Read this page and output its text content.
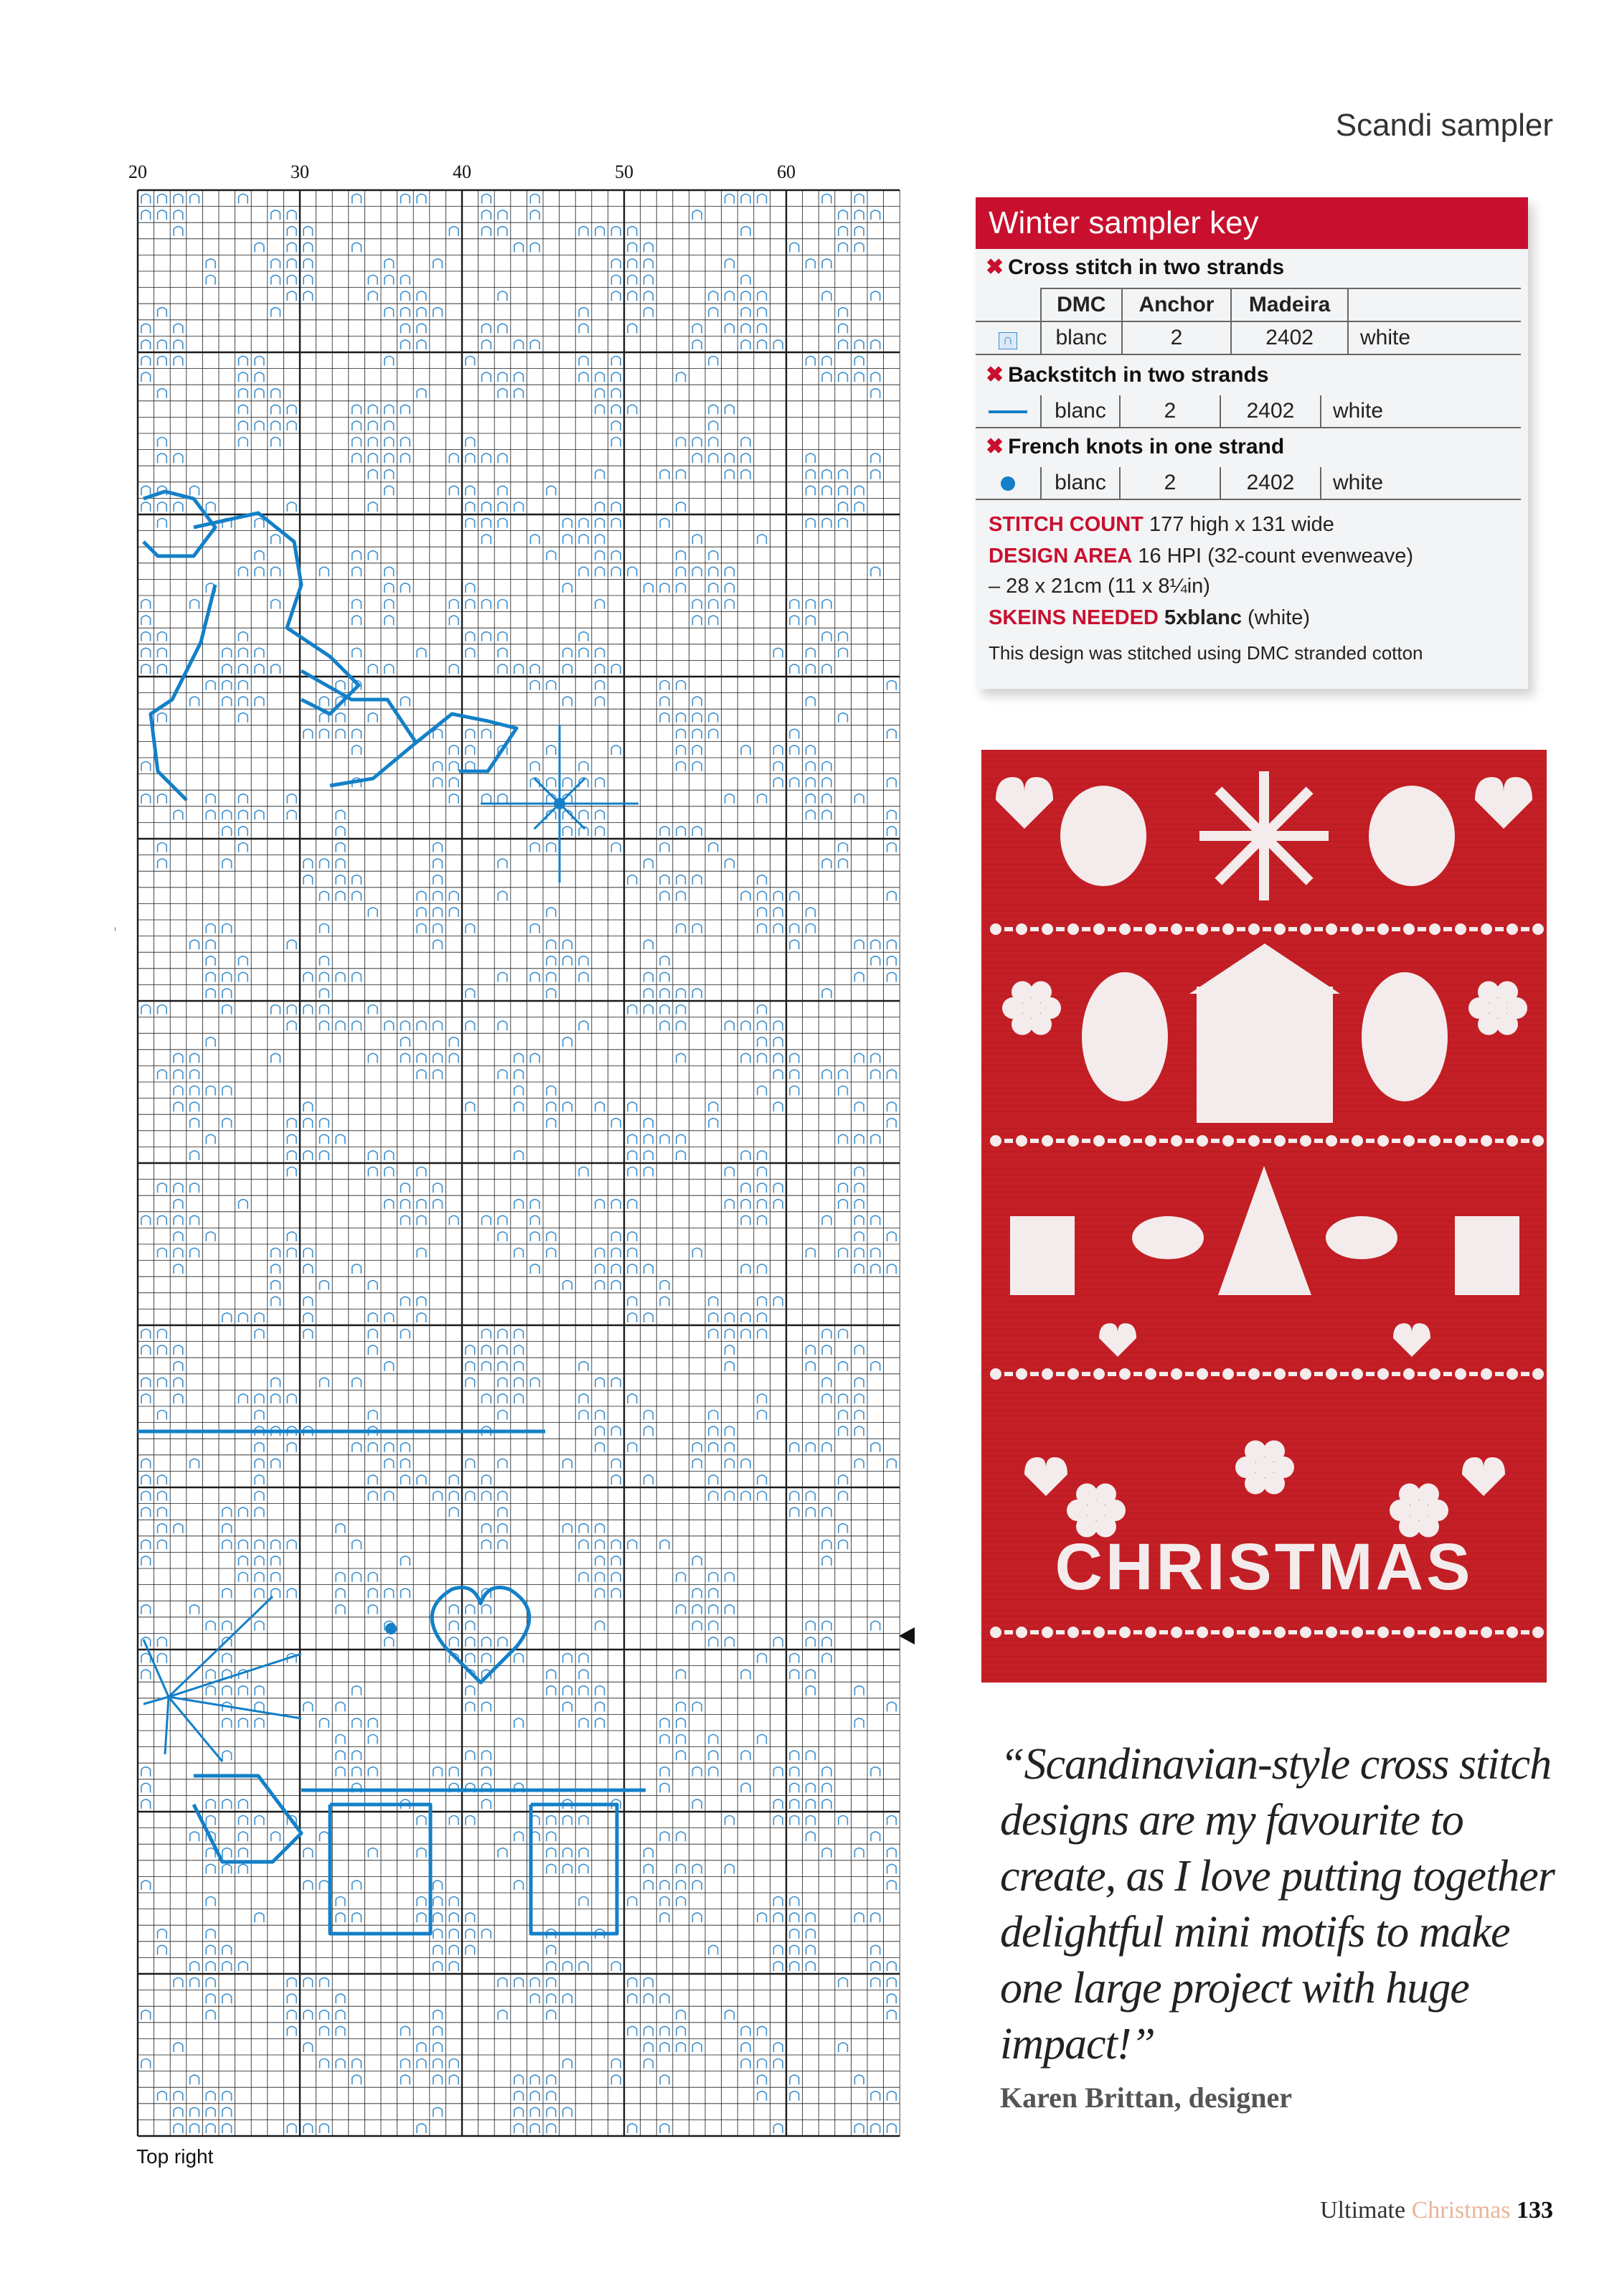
Scandi sampler
20	30	40	50	60
Top right
Winter sampler key
✖ Cross stitch in two strands
	DMC	Anchor	Madeira	
∩	blanc	2	2402	white
✖ Backstitch in two strands
	blanc	2	2402	white
✖ French knots in one strand
	blanc	2	2402	white
STITCH COUNT 177 high x 131 wide
DESIGN AREA 16 HPI (32-count evenweave)
– 28 x 21cm (11 x 8¼in)
SKEINS NEEDED 5xblanc (white)
This design was stitched using DMC stranded cotton
CHRISTMAS
“Scandinavian-style cross stitch designs are my favourite to create, as I love putting together delightful mini motifs to make one large project with huge impact!”
Karen Brittan, designer
Ultimate Christmas 133
